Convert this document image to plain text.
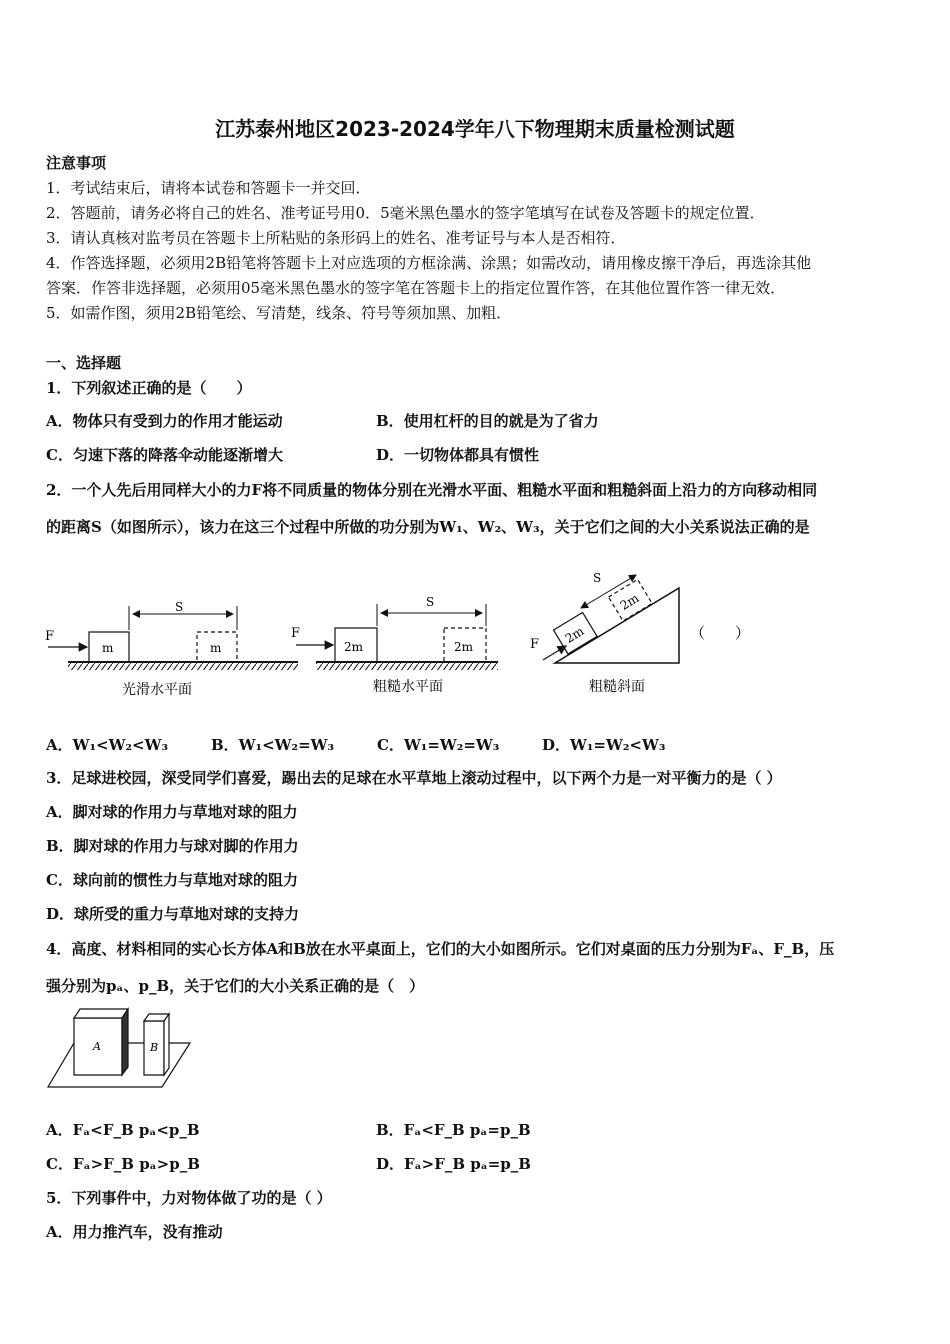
江苏泰州地区2023-2024学年八下物理期末质量检测试题
注意事项
1．考试结束后，请将本试卷和答题卡一并交回．
2．答题前，请务必将自己的姓名、准考证号用0．5毫米黑色墨水的签字笔填写在试卷及答题卡的规定位置．
3．请认真核对监考员在答题卡上所粘贴的条形码上的姓名、准考证号与本人是否相符．
4．作答选择题，必须用2B铅笔将答题卡上对应选项的方框涂满、涂黑；如需改动，请用橡皮擦干净后，再选涂其他
答案．作答非选择题，必须用05毫米黑色墨水的签字笔在答题卡上的指定位置作答，在其他位置作答一律无效．
5．如需作图，须用2B铅笔绘、写清楚，线条、符号等须加黑、加粗．
一、选择题
1．下列叙述正确的是（　　）
A．物体只有受到力的作用才能运动	B．使用杠杆的目的就是为了省力
C．匀速下落的降落伞动能逐渐增大	D．一切物体都具有惯性
2．一个人先后用同样大小的力F将不同质量的物体分别在光滑水平面、粗糙水平面和粗糙斜面上沿力的方向移动相同
的距离S（如图所示），该力在这三个过程中所做的功分别为W₁、W₂、W₃，关于它们之间的大小关系说法正确的是
F
S
m	m
光滑水平面
F
S
2m	2m
粗糙水平面
2m
2m
F
S
粗糙斜面
（　　）
A．W₁<W₂<W₃	B．W₁<W₂=W₃	C．W₁=W₂=W₃	D．W₁=W₂<W₃
3．足球进校园，深受同学们喜爱，踢出去的足球在水平草地上滚动过程中，以下两个力是一对平衡力的是（ ）
A．脚对球的作用力与草地对球的阻力
B．脚对球的作用力与球对脚的作用力
C．球向前的惯性力与草地对球的阻力
D．球所受的重力与草地对球的支持力
4．高度、材料相同的实心长方体A和B放在水平桌面上，它们的大小如图所示。它们对桌面的压力分别为Fₐ、F_B，压
强分别为pₐ、p_B，关于它们的大小关系正确的是（　）
A	B
A．Fₐ<F_B pₐ<p_B	B．Fₐ<F_B pₐ=p_B
C．Fₐ>F_B pₐ>p_B	D．Fₐ>F_B pₐ=p_B
5．下列事件中，力对物体做了功的是（ ）
A．用力推汽车，没有推动
